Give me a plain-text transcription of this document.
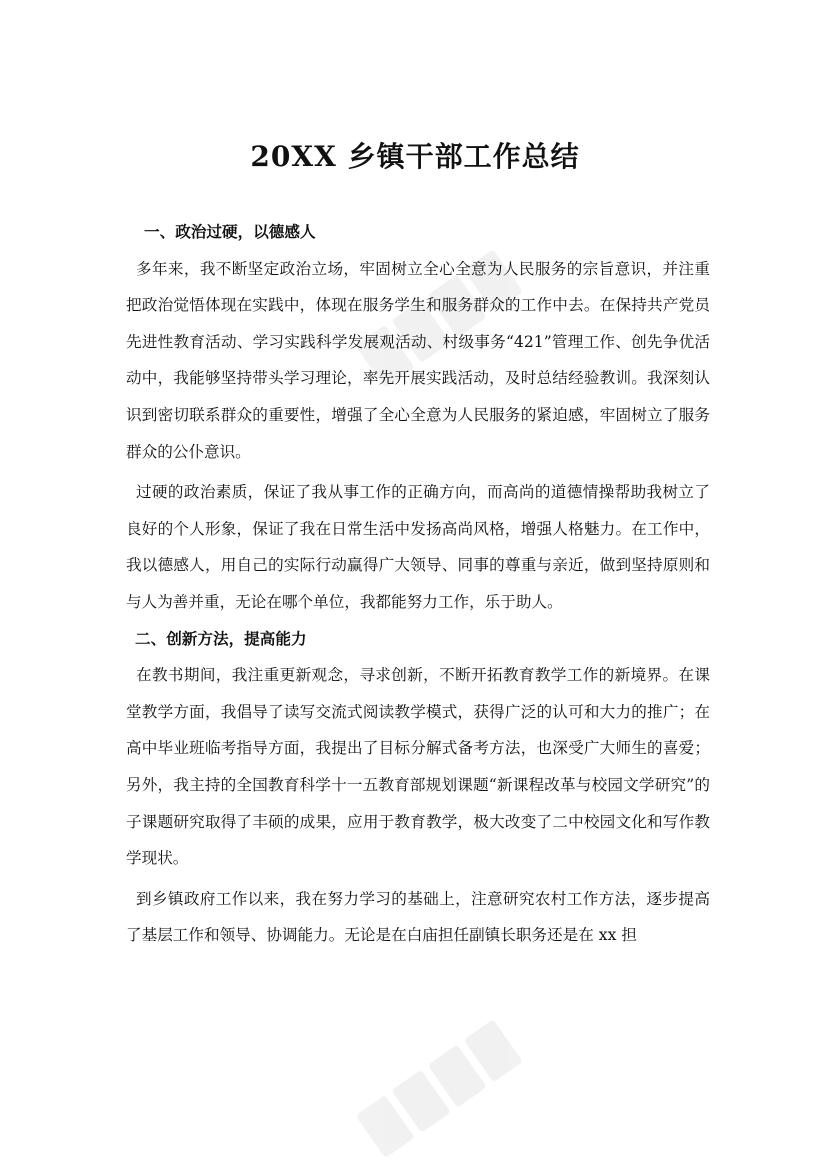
20XX 乡镇干部工作总结

一、政治过硬，以德感人

多年来，我不断坚定政治立场，牢固树立全心全意为人民服务的宗旨意识，并注重把政治觉悟体现在实践中，体现在服务学生和服务群众的工作中去。在保持共产党员先进性教育活动、学习实践科学发展观活动、村级事务“421”管理工作、创先争优活动中，我能够坚持带头学习理论，率先开展实践活动，及时总结经验教训。我深刻认识到密切联系群众的重要性，增强了全心全意为人民服务的紧迫感，牢固树立了服务群众的公仆意识。

过硬的政治素质，保证了我从事工作的正确方向，而高尚的道德情操帮助我树立了良好的个人形象，保证了我在日常生活中发扬高尚风格，增强人格魅力。在工作中，我以德感人，用自己的实际行动赢得广大领导、同事的尊重与亲近，做到坚持原则和与人为善并重，无论在哪个单位，我都能努力工作，乐于助人。

二、创新方法，提高能力

在教书期间，我注重更新观念，寻求创新，不断开拓教育教学工作的新境界。在课堂教学方面，我倡导了读写交流式阅读教学模式，获得广泛的认可和大力的推广；在高中毕业班临考指导方面，我提出了目标分解式备考方法，也深受广大师生的喜爱；另外，我主持的全国教育科学十一五教育部规划课题“新课程改革与校园文学研究”的子课题研究取得了丰硕的成果，应用于教育教学，极大改变了二中校园文化和写作教学现状。

到乡镇政府工作以来，我在努力学习的基础上，注意研究农村工作方法，逐步提高了基层工作和领导、协调能力。无论是在白庙担任副镇长职务还是在 xx 担
